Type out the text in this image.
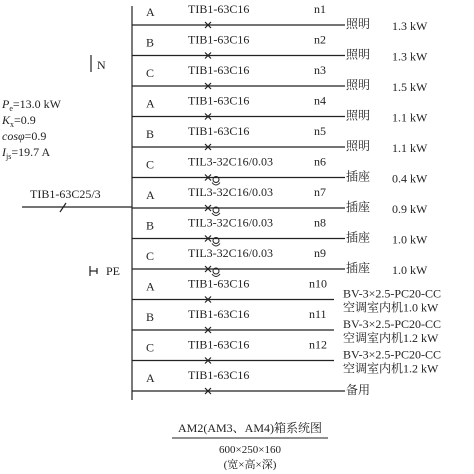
N
$P_e=13.0$ kW
$K_x=0.9$
cosφ=0.9
$I_{js}=19.7$ A
TIB1-63C25/3
PE
A	TIB1-63C16	n1
照明 1.3 kW
B	TIB1-63C16	n2
照明 1.3 kW
C	TIB1-63C16	n3
照明 1.5 kW
A	TIB1-63C16	n4
照明 1.1 kW
B	TIB1-63C16	n5
照明 1.1 kW
C	TIL3-32C16/0.03	n6
插座 0.4 kW
A	TIL3-32C16/0.03	n7
插座 0.9 kW
B	TIL3-32C16/0.03	n8
插座 1.0 kW
C	TIL3-32C16/0.03	n9
插座 1.0 kW
A	TIB1-63C16	n10
BV-3×2.5-PC20-CC
空调室内机1.0 kW
B	TIB1-63C16	n11
BV-3×2.5-PC20-CC
空调室内机1.2 kW
C	TIB1-63C16	n12
BV-3×2.5-PC20-CC
空调室内机1.2 kW
A	TIB1-63C16
备用
AM2(AM3、AM4)箱系统图
600×250×160
(宽×高×深)
